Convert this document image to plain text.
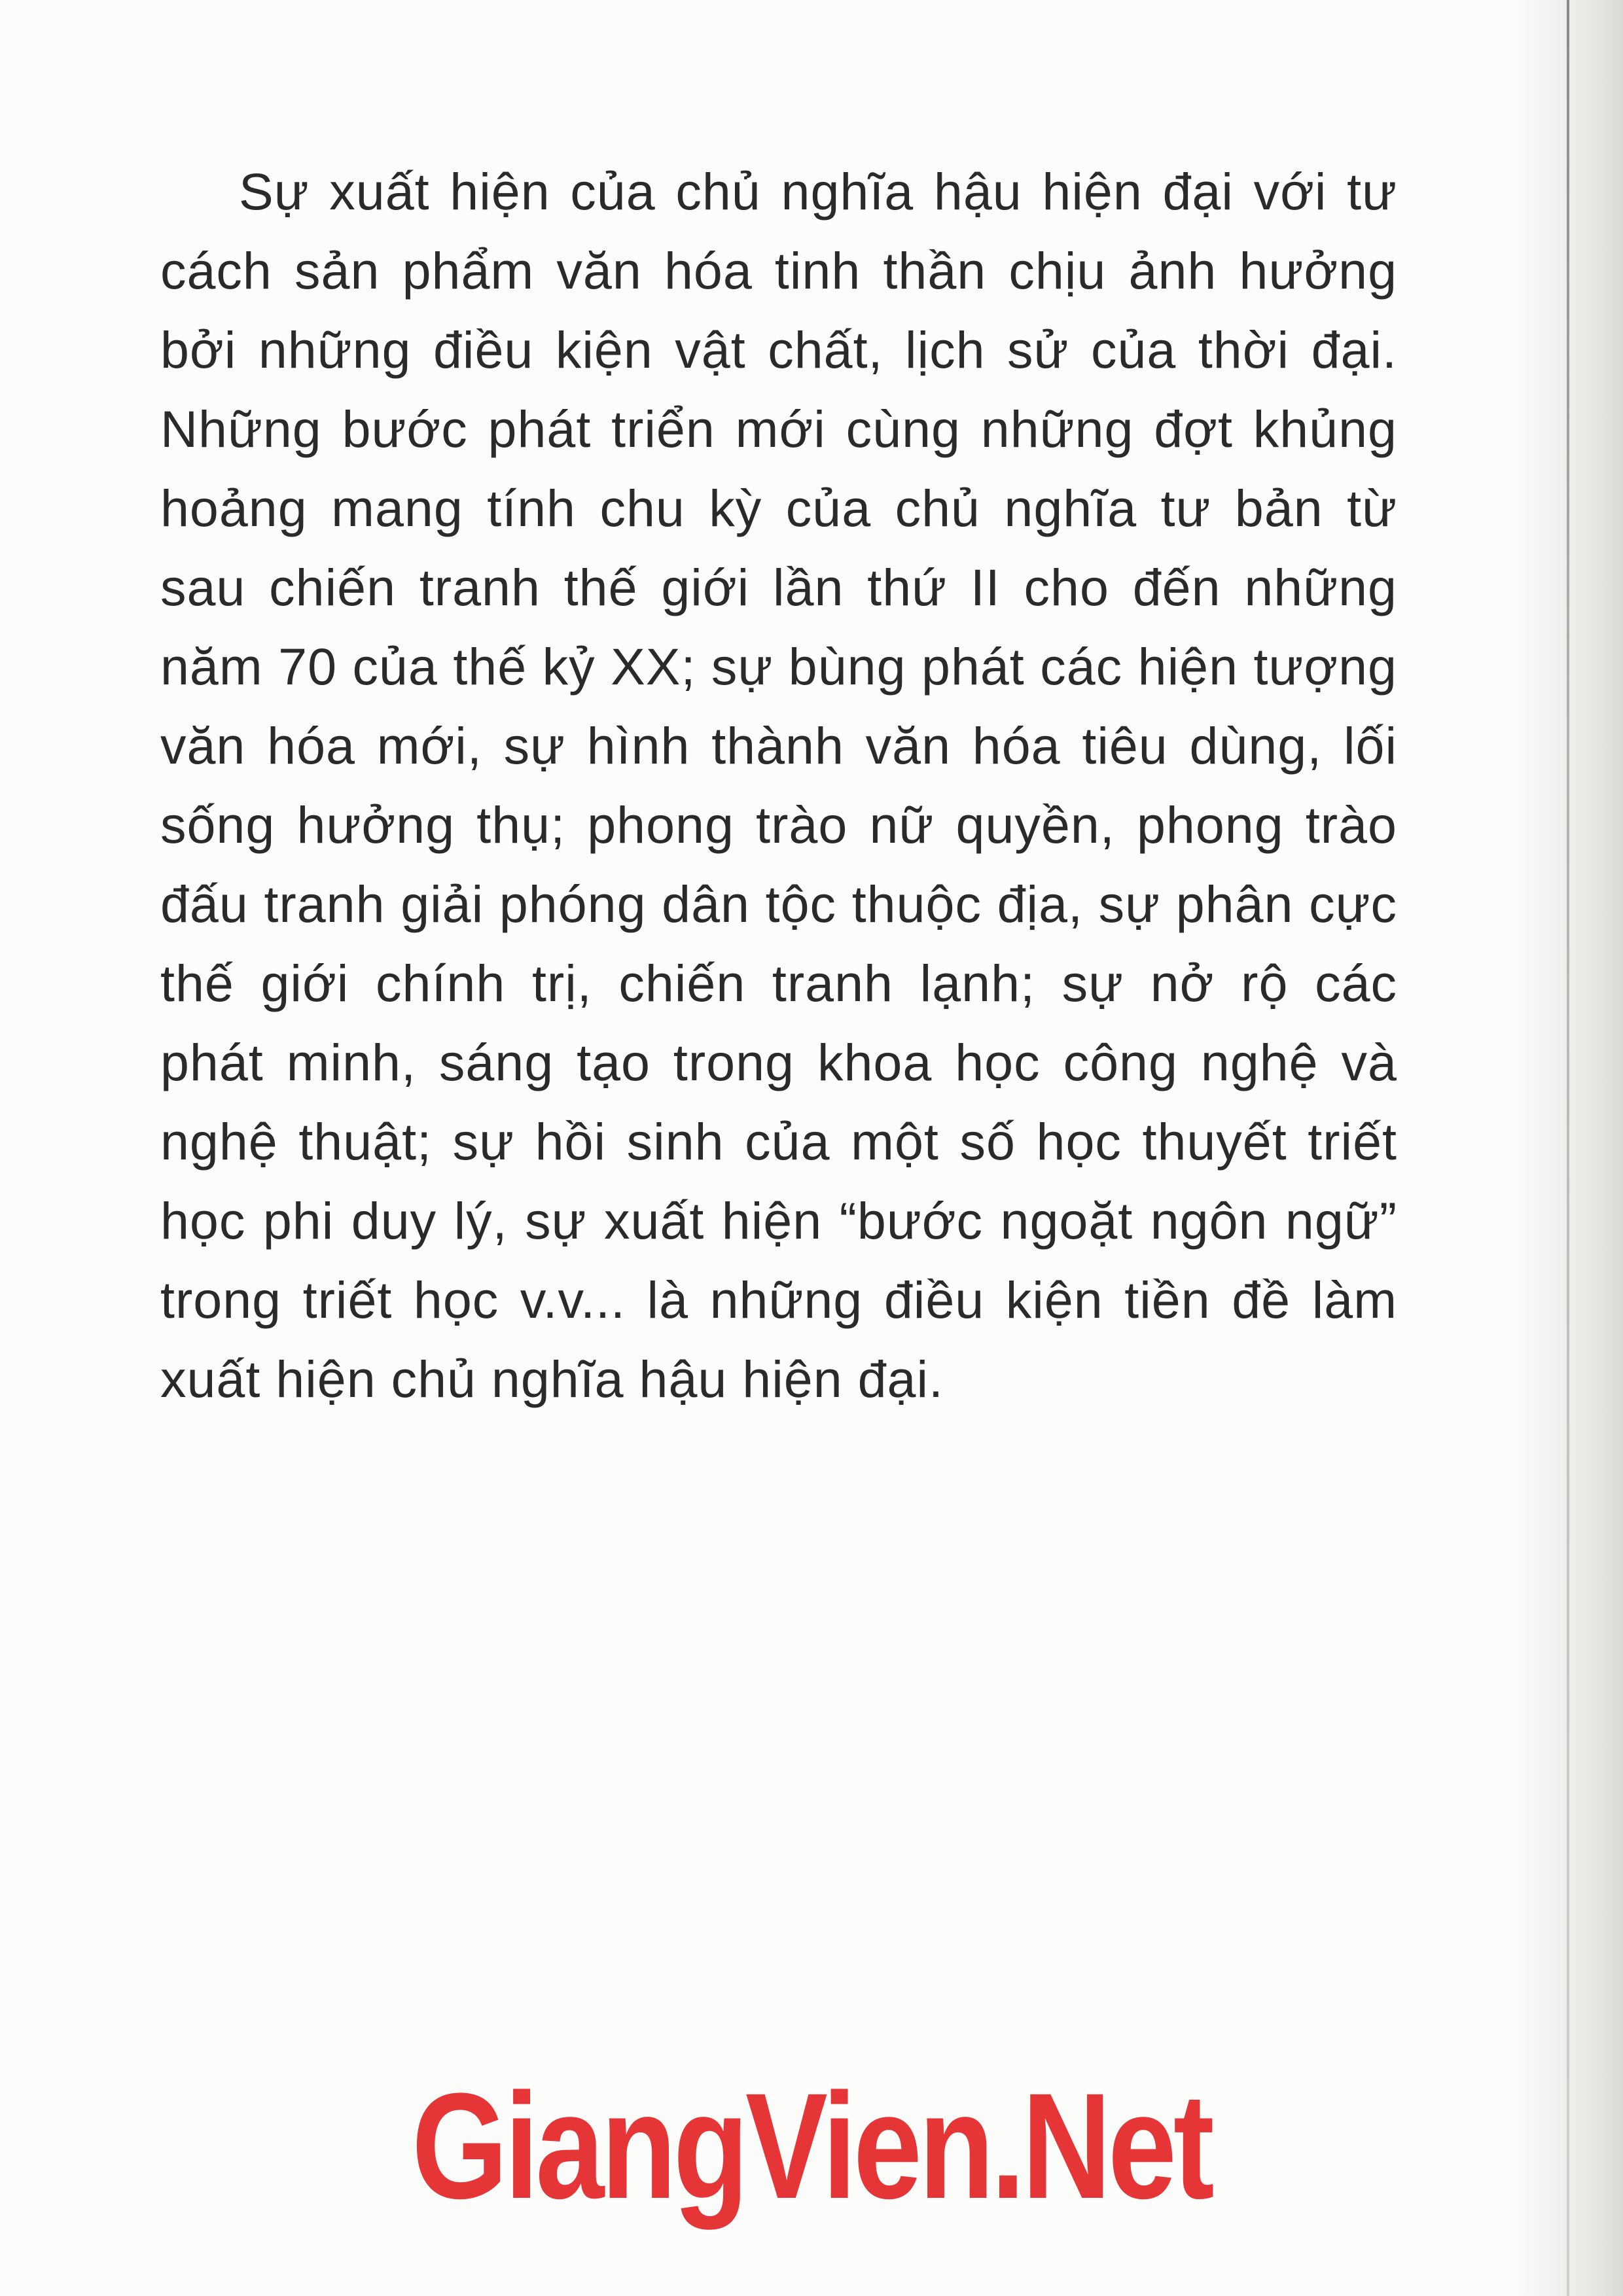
Sự xuất hiện của chủ nghĩa hậu hiện đại với tư cách sản phẩm văn hóa tinh thần chịu ảnh hưởng bởi những điều kiện vật chất, lịch sử của thời đại. Những bước phát triển mới cùng những đợt khủng hoảng mang tính chu kỳ của chủ nghĩa tư bản từ sau chiến tranh thế giới lần thứ II cho đến những năm 70 của thế kỷ XX; sự bùng phát các hiện tượng văn hóa mới, sự hình thành văn hóa tiêu dùng, lối sống hưởng thụ; phong trào nữ quyền, phong trào đấu tranh giải phóng dân tộc thuộc địa, sự phân cực thế giới chính trị, chiến tranh lạnh; sự nở rộ các phát minh, sáng tạo trong khoa học công nghệ và nghệ thuật; sự hồi sinh của một số học thuyết triết học phi duy lý, sự xuất hiện “bước ngoặt ngôn ngữ” trong triết học v.v... là những điều kiện tiền đề làm xuất hiện chủ nghĩa hậu hiện đại.

GiangVien.Net
